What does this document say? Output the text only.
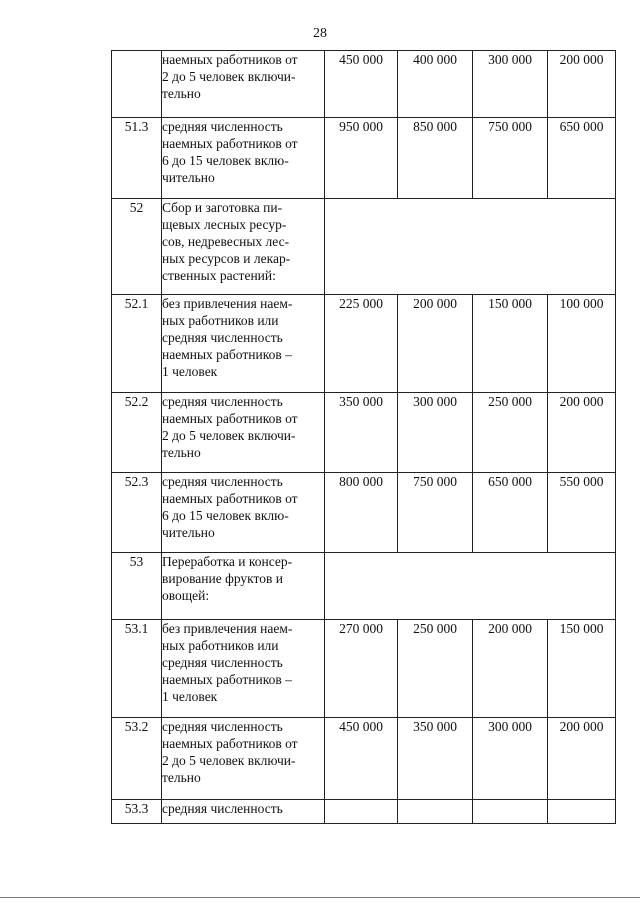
28

	наемных работников от
2 до 5 человек включи-
тельно	450 000	400 000	300 000	200 000
51.3	средняя численность
наемных работников от
6 до 15 человек вклю-
чительно	950 000	850 000	750 000	650 000
52	Сбор и заготовка пи-
щевых лесных ресур-
сов, недревесных лес-
ных ресурсов и лекар-
ственных растений:				

52.1	без привлечения наем-
ных работников или
средняя численность
наемных работников –
1 человек	225 000	200 000	150 000	100 000
52.2	средняя численность
наемных работников от
2 до 5 человек включи-
тельно	350 000	300 000	250 000	200 000
52.3	средняя численность
наемных работников от
6 до 15 человек вклю-
чительно	800 000	750 000	650 000	550 000
53	Переработка и консер-
вирование фруктов и
овощей:				

53.1	без привлечения наем-
ных работников или
средняя численность
наемных работников –
1 человек	270 000	250 000	200 000	150 000
53.2	средняя численность
наемных работников от
2 до 5 человек включи-
тельно	450 000	350 000	300 000	200 000
53.3	средняя численность				
